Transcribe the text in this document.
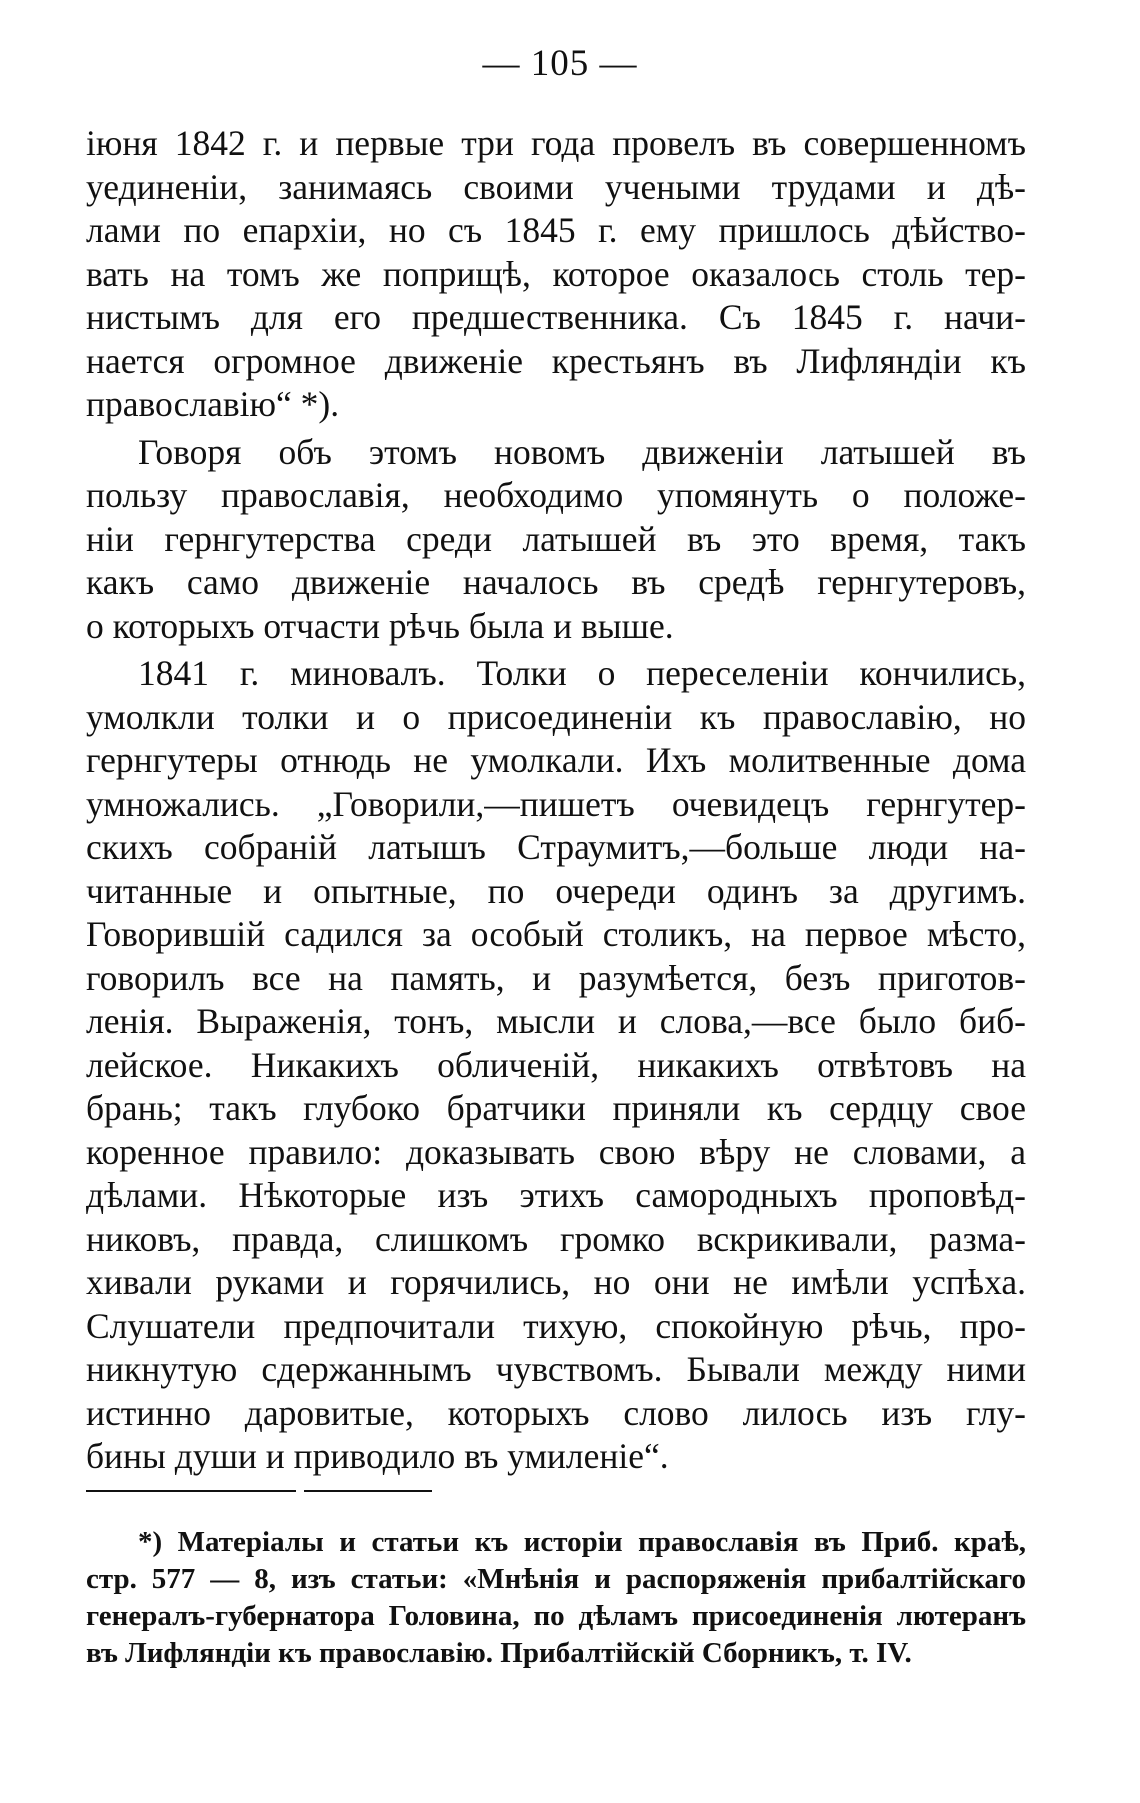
— 105 —
іюня 1842 г. и первые три года провелъ въ совершенномъ
уединеніи, занимаясь своими учеными трудами и дѣ-
лами по епархіи, но съ 1845 г. ему пришлось дѣйство-
вать на томъ же поприщѣ, которое оказалось столь тер-
нистымъ для его предшественника. Съ 1845 г. начи-
нается огромное движеніе крестьянъ въ Лифляндіи къ
православію“ *).
Говоря объ этомъ новомъ движеніи латышей въ
пользу православія, необходимо упомянуть о положе-
ніи гернгутерства среди латышей въ это время, такъ
какъ само движеніе началось въ средѣ гернгутеровъ,
о которыхъ отчасти рѣчь была и выше.
1841 г. миновалъ. Толки о переселеніи кончились,
умолкли толки и о присоединеніи къ православію, но
гернгутеры отнюдь не умолкали. Ихъ молитвенные дома
умножались. „Говорили,—пишетъ очевидецъ гернгутер-
скихъ собраній латышъ Страумитъ,—больше люди на-
читанные и опытные, по очереди одинъ за другимъ.
Говорившій садился за особый столикъ, на первое мѣсто,
говорилъ все на память, и разумѣется, безъ приготов-
ленія. Выраженія, тонъ, мысли и слова,—все было биб-
лейское. Никакихъ обличеній, никакихъ отвѣтовъ на
брань; такъ глубоко братчики приняли къ сердцу свое
коренное правило: доказывать свою вѣру не словами, а
дѣлами. Нѣкоторые изъ этихъ самородныхъ проповѣд-
никовъ, правда, слишкомъ громко вскрикивали, разма-
хивали руками и горячились, но они не имѣли успѣха.
Слушатели предпочитали тихую, спокойную рѣчь, про-
никнутую сдержаннымъ чувствомъ. Бывали между ними
истинно даровитые, которыхъ слово лилось изъ глу-
бины души и приводило въ умиленіе“.
*) Матеріалы и статьи къ исторіи православія въ Приб. краѣ,
стр. 577 — 8, изъ статьи: «Мнѣнія и распоряженія прибалтійскаго
генералъ-губернатора Головина, по дѣламъ присоединенія лютеранъ
въ Лифляндіи къ православію. Прибалтійскій Сборникъ, т. IV.
